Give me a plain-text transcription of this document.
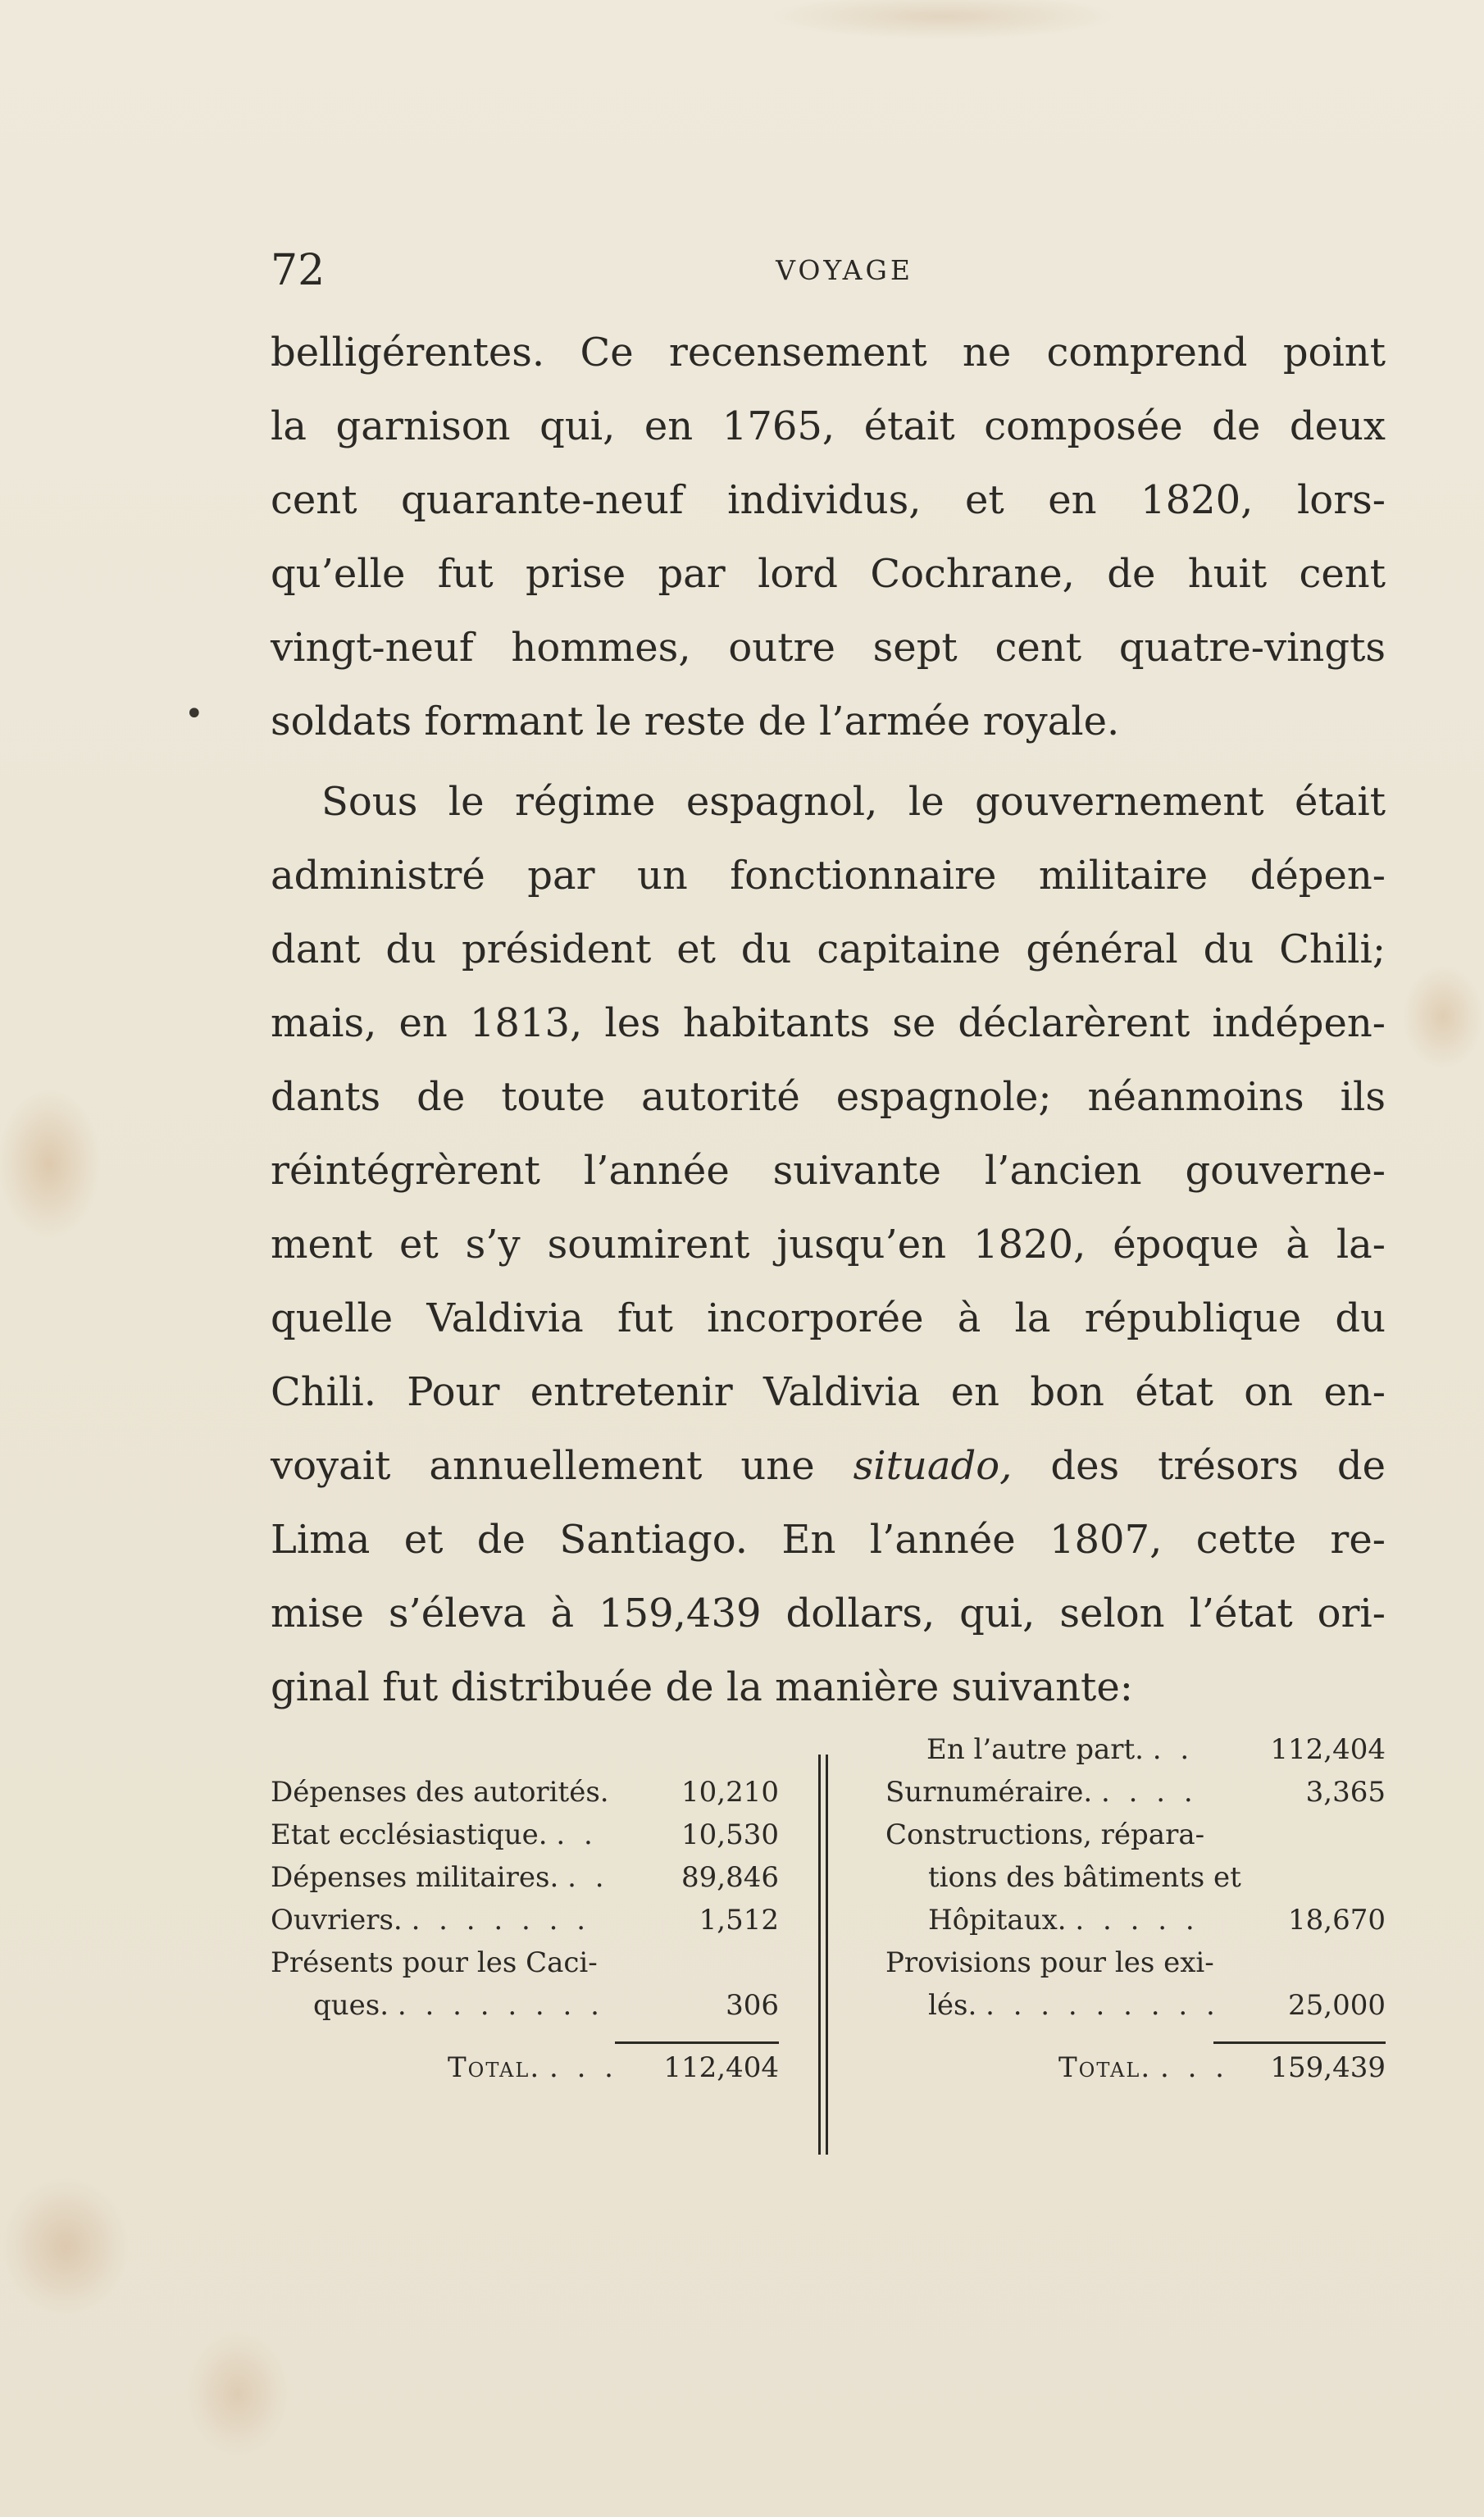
72	VOYAGE
•
belligérentes. Ce recensement ne comprend point
la garnison qui, en 1765, était composée de deux
cent quarante-neuf individus, et en 1820, lors-
qu’elle fut prise par lord Cochrane, de huit cent
vingt-neuf hommes, outre sept cent quatre-vingts
soldats formant le reste de l’armée royale.
Sous le régime espagnol, le gouvernement était
administré par un fonctionnaire militaire dépen-
dant du président et du capitaine général du Chili;
mais, en 1813, les habitants se déclarèrent indépen-
dants de toute autorité espagnole; néanmoins ils
réintégrèrent l’année suivante l’ancien gouverne-
ment et s’y soumirent jusqu’en 1820, époque à la-
quelle Valdivia fut incorporée à la république du
Chili. Pour entretenir Valdivia en bon état on en-
voyait annuellement une situado, des trésors de
Lima et de Santiago. En l’année 1807, cette re-
mise s’éleva à 159,439 dollars, qui, selon l’état ori-
ginal fut distribuée de la manière suivante:
Dépenses des autorités.	10,210
Etat ecclésiastique. . .	10,530
Dépenses militaires. . .	89,846
Ouvriers. . . . . . . .	1,512
Présents pour les Caci-
ques. . . . . . . . .	306
Total. . . .	112,404
En l’autre part. . .	112,404
Surnuméraire. . . . .	3,365
Constructions, répara-
tions des bâtiments et
Hôpitaux. . . . . .	18,670
Provisions pour les exi-
lés. . . . . . . . . . 25,000
Total. . . .	159,439
